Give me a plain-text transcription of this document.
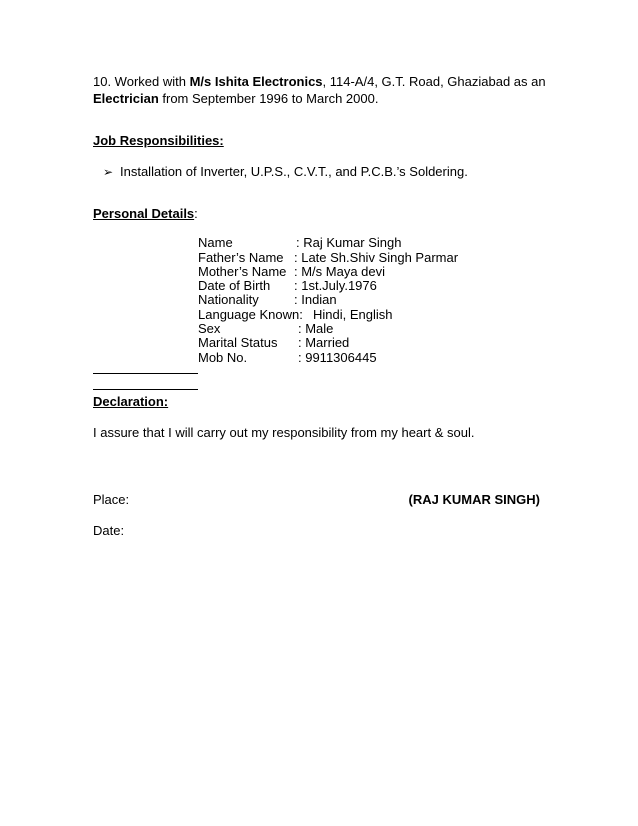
10. Worked with M/s Ishita Electronics, 114-A/4, G.T. Road, Ghaziabad as an
Electrician from September 1996 to March 2000.
Job Responsibilities:
➢ Installation of Inverter, U.P.S., C.V.T., and P.C.B.’s Soldering.
Personal Details:
Name	: Raj Kumar Singh
Father’s Name : Late Sh.Shiv Singh Parmar
Mother’s Name : M/s Maya devi
Date of Birth : 1st.July.1976
Nationality	: Indian
Language Known: Hindi, English
Sex	: Male
Marital Status : Married
Mob No.	: 9911306445
Declaration:
I assure that I will carry out my responsibility from my heart & soul.
Place:	(RAJ KUMAR SINGH)
Date:
